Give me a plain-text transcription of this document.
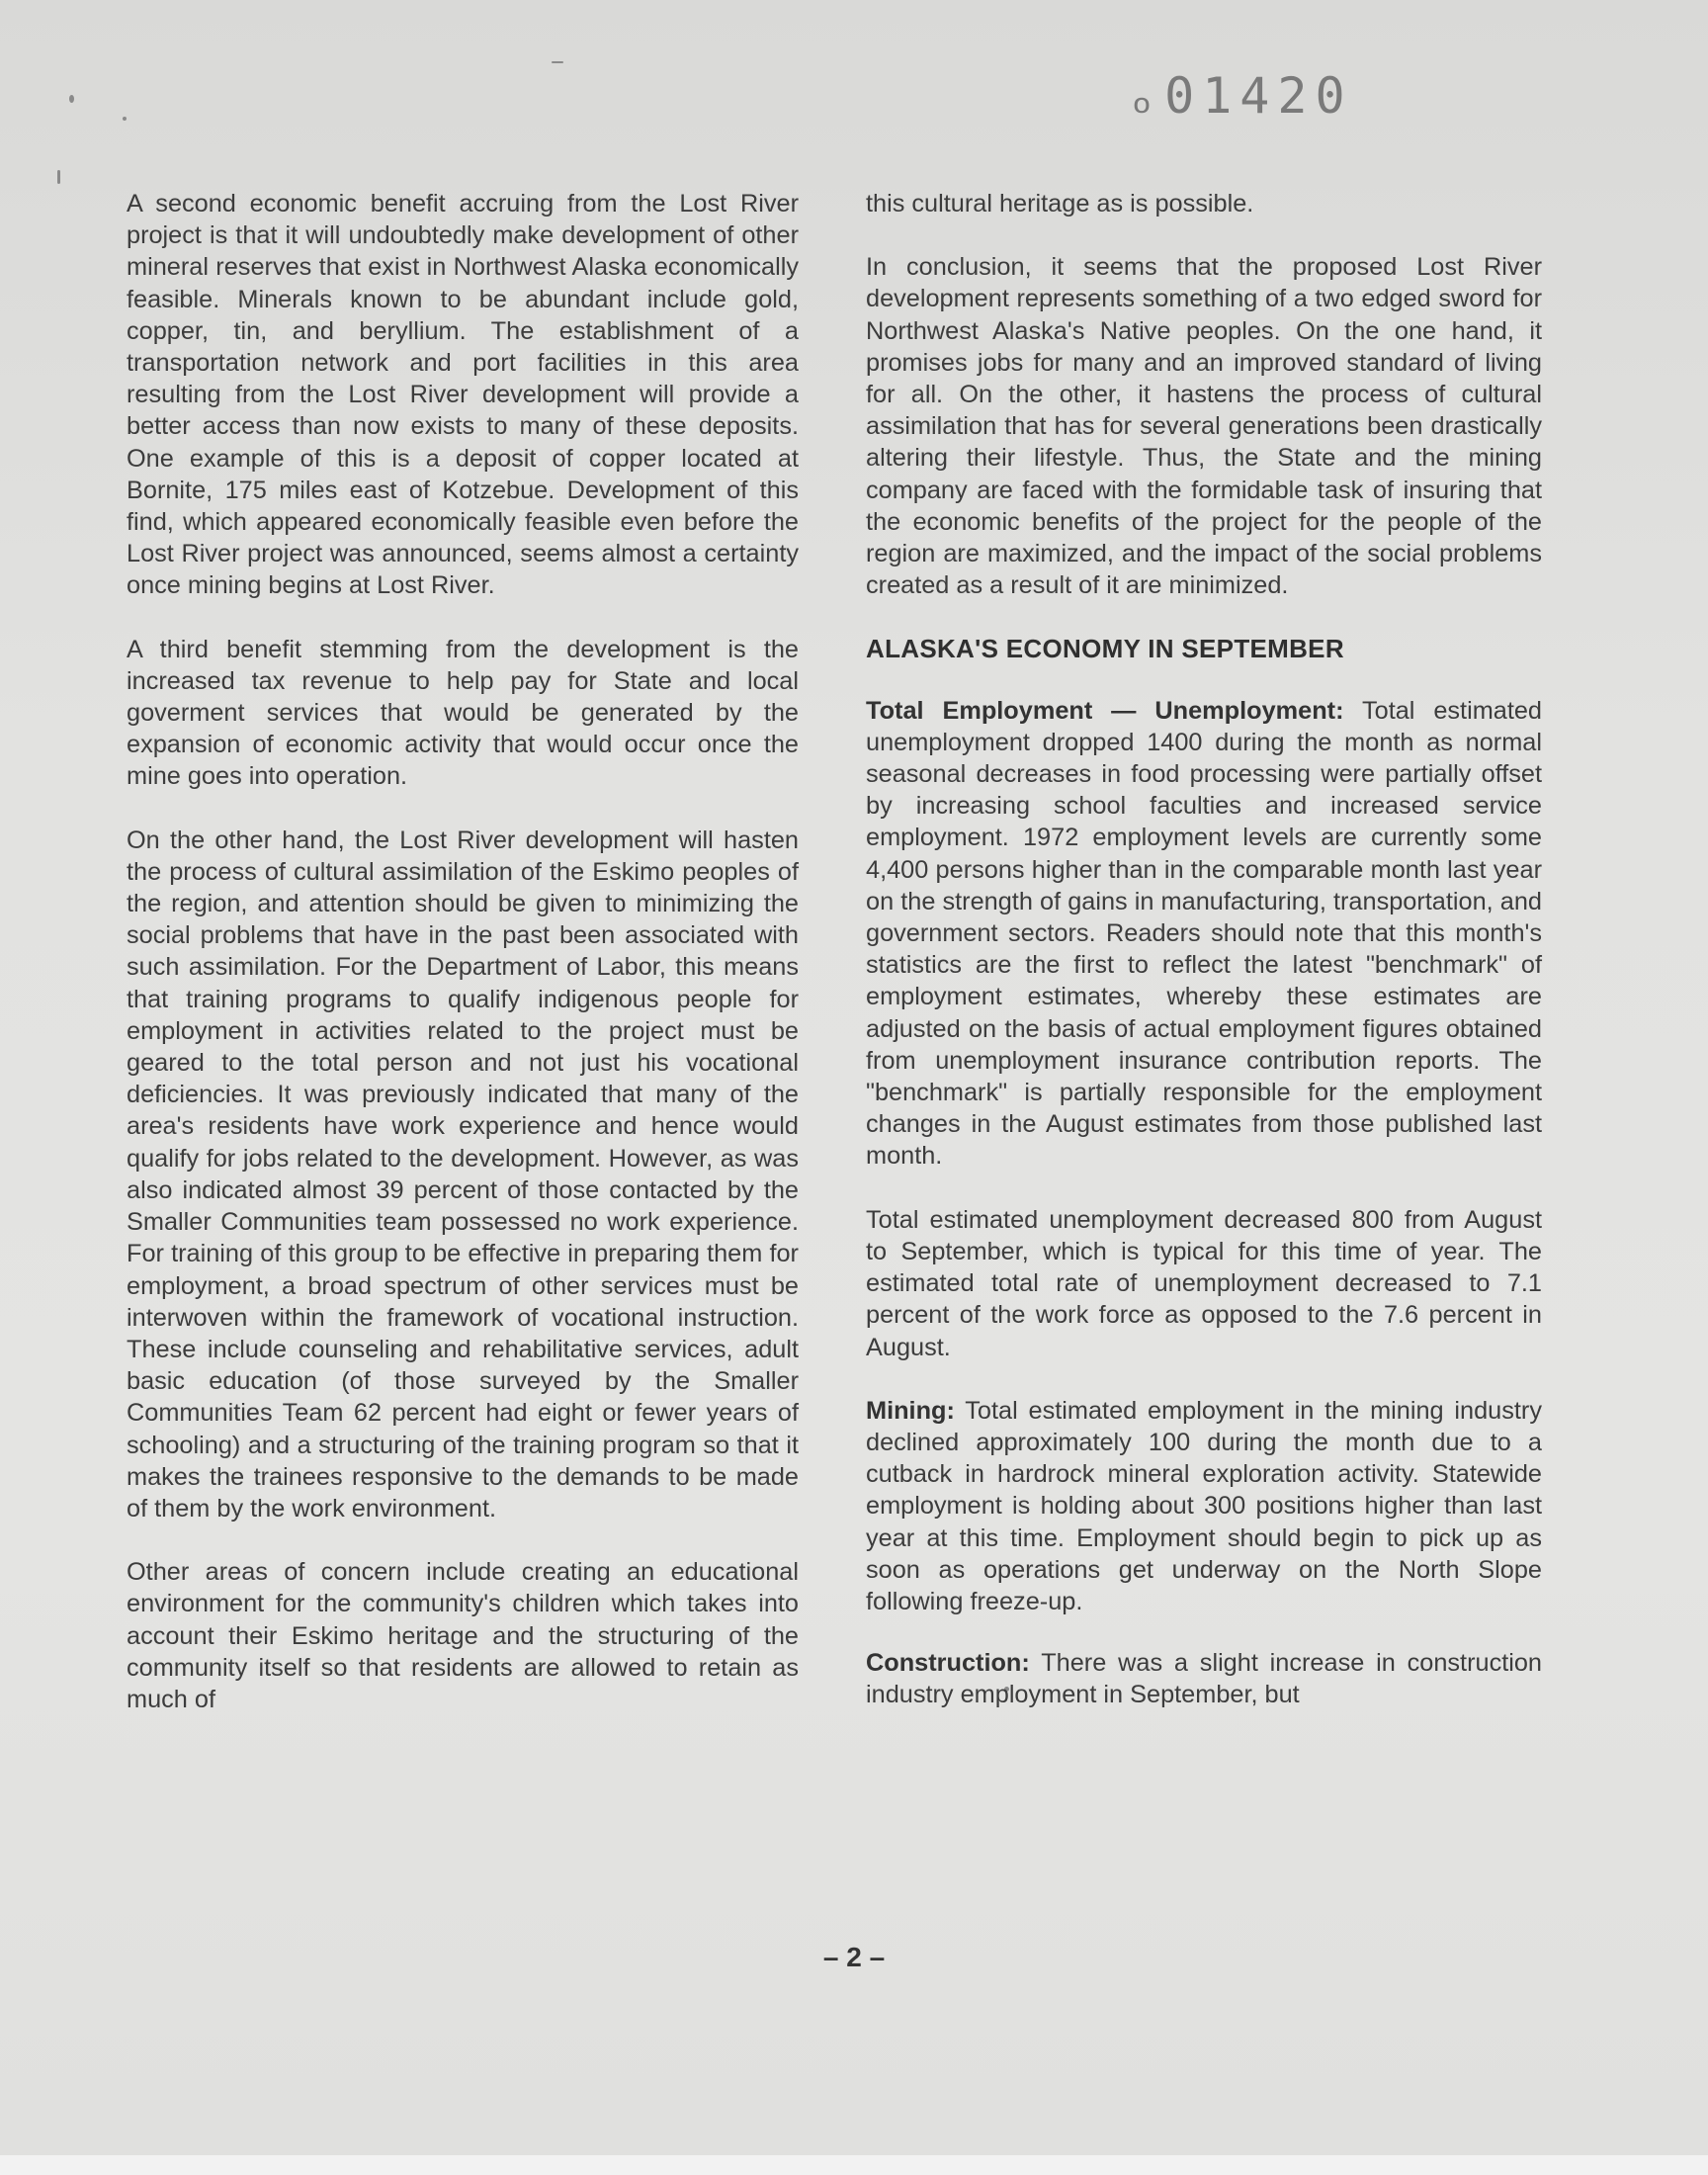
ₒ01420

A second economic benefit accruing from the Lost River project is that it will undoubtedly make development of other mineral reserves that exist in Northwest Alaska economically feasible. Minerals known to be abundant include gold, copper, tin, and beryllium. The establishment of a transportation network and port facilities in this area resulting from the Lost River development will provide a better access than now exists to many of these deposits. One example of this is a deposit of copper located at Bornite, 175 miles east of Kotzebue. Development of this find, which appeared economically feasible even before the Lost River project was announced, seems almost a certainty once mining begins at Lost River.

A third benefit stemming from the development is the increased tax revenue to help pay for State and local goverment services that would be generated by the expansion of economic activity that would occur once the mine goes into operation.

On the other hand, the Lost River development will hasten the process of cultural assimilation of the Eskimo peoples of the region, and attention should be given to minimizing the social problems that have in the past been associated with such assimilation. For the Department of Labor, this means that training programs to qualify indigenous people for employment in activities related to the project must be geared to the total person and not just his vocational deficiencies. It was previously indicated that many of the area's residents have work experience and hence would qualify for jobs related to the development. However, as was also indicated almost 39 percent of those contacted by the Smaller Communities team possessed no work experience. For training of this group to be effective in preparing them for employment, a broad spectrum of other services must be interwoven within the framework of vocational instruction. These include counseling and rehabilitative services, adult basic education (of those surveyed by the Smaller Communities Team 62 percent had eight or fewer years of schooling) and a structuring of the training program so that it makes the trainees responsive to the demands to be made of them by the work environment.

Other areas of concern include creating an educational environment for the community's children which takes into account their Eskimo heritage and the structuring of the community itself so that residents are allowed to retain as much of

this cultural heritage as is possible.

In conclusion, it seems that the proposed Lost River development represents something of a two edged sword for Northwest Alaska's Native peoples. On the one hand, it promises jobs for many and an improved standard of living for all. On the other, it hastens the process of cultural assimilation that has for several generations been drastically altering their lifestyle. Thus, the State and the mining company are faced with the formidable task of insuring that the economic benefits of the project for the people of the region are maximized, and the impact of the social problems created as a result of it are minimized.

ALASKA'S ECONOMY IN SEPTEMBER

Total Employment — Unemployment: Total estimated unemployment dropped 1400 during the month as normal seasonal decreases in food processing were partially offset by increasing school faculties and increased service employment. 1972 employment levels are currently some 4,400 persons higher than in the comparable month last year on the strength of gains in manufacturing, transportation, and government sectors. Readers should note that this month's statistics are the first to reflect the latest "benchmark" of employment estimates, whereby these estimates are adjusted on the basis of actual employment figures obtained from unemployment insurance contribution reports. The "benchmark" is partially responsible for the employment changes in the August estimates from those published last month.

Total estimated unemployment decreased 800 from August to September, which is typical for this time of year. The estimated total rate of unemployment decreased to 7.1 percent of the work force as opposed to the 7.6 percent in August.

Mining: Total estimated employment in the mining industry declined approximately 100 during the month due to a cutback in hardrock mineral exploration activity. Statewide employment is holding about 300 positions higher than last year at this time. Employment should begin to pick up as soon as operations get underway on the North Slope following freeze-up.

Construction: There was a slight increase in construction industry employment in September, but

– 2 –
